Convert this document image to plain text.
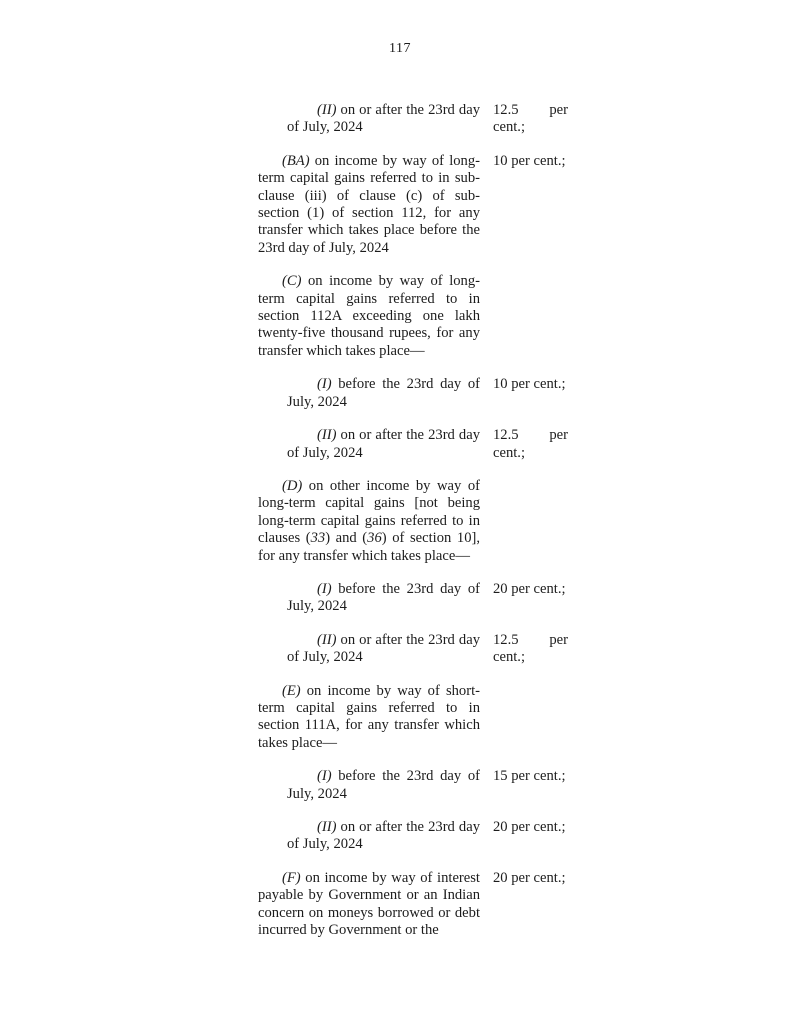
117
(II) on or after the 23rd day of July, 2024
12.5 per cent.;
(BA) on income by way of long-term capital gains referred to in sub-clause (iii) of clause (c) of sub-section (1) of section 112, for any transfer which takes place before the 23rd day of July, 2024
10 per cent.;
(C) on income by way of long-term capital gains referred to in section 112A exceeding one lakh twenty-five thousand rupees, for any transfer which takes place—
(I) before the 23rd day of July, 2024
10 per cent.;
(II) on or after the 23rd day of July, 2024
12.5 per cent.;
(D) on other income by way of long-term capital gains [not being long-term capital gains referred to in clauses (33) and (36) of section 10], for any transfer which takes place—
(I) before the 23rd day of July, 2024
20 per cent.;
(II) on or after the 23rd day of July, 2024
12.5 per cent.;
(E) on income by way of short-term capital gains referred to in section 111A, for any transfer which takes place—
(I) before the 23rd day of July, 2024
15 per cent.;
(II) on or after the 23rd day of July, 2024
20 per cent.;
(F) on income by way of interest payable by Government or an Indian concern on moneys borrowed or debt incurred by Government or the
20 per cent.;
